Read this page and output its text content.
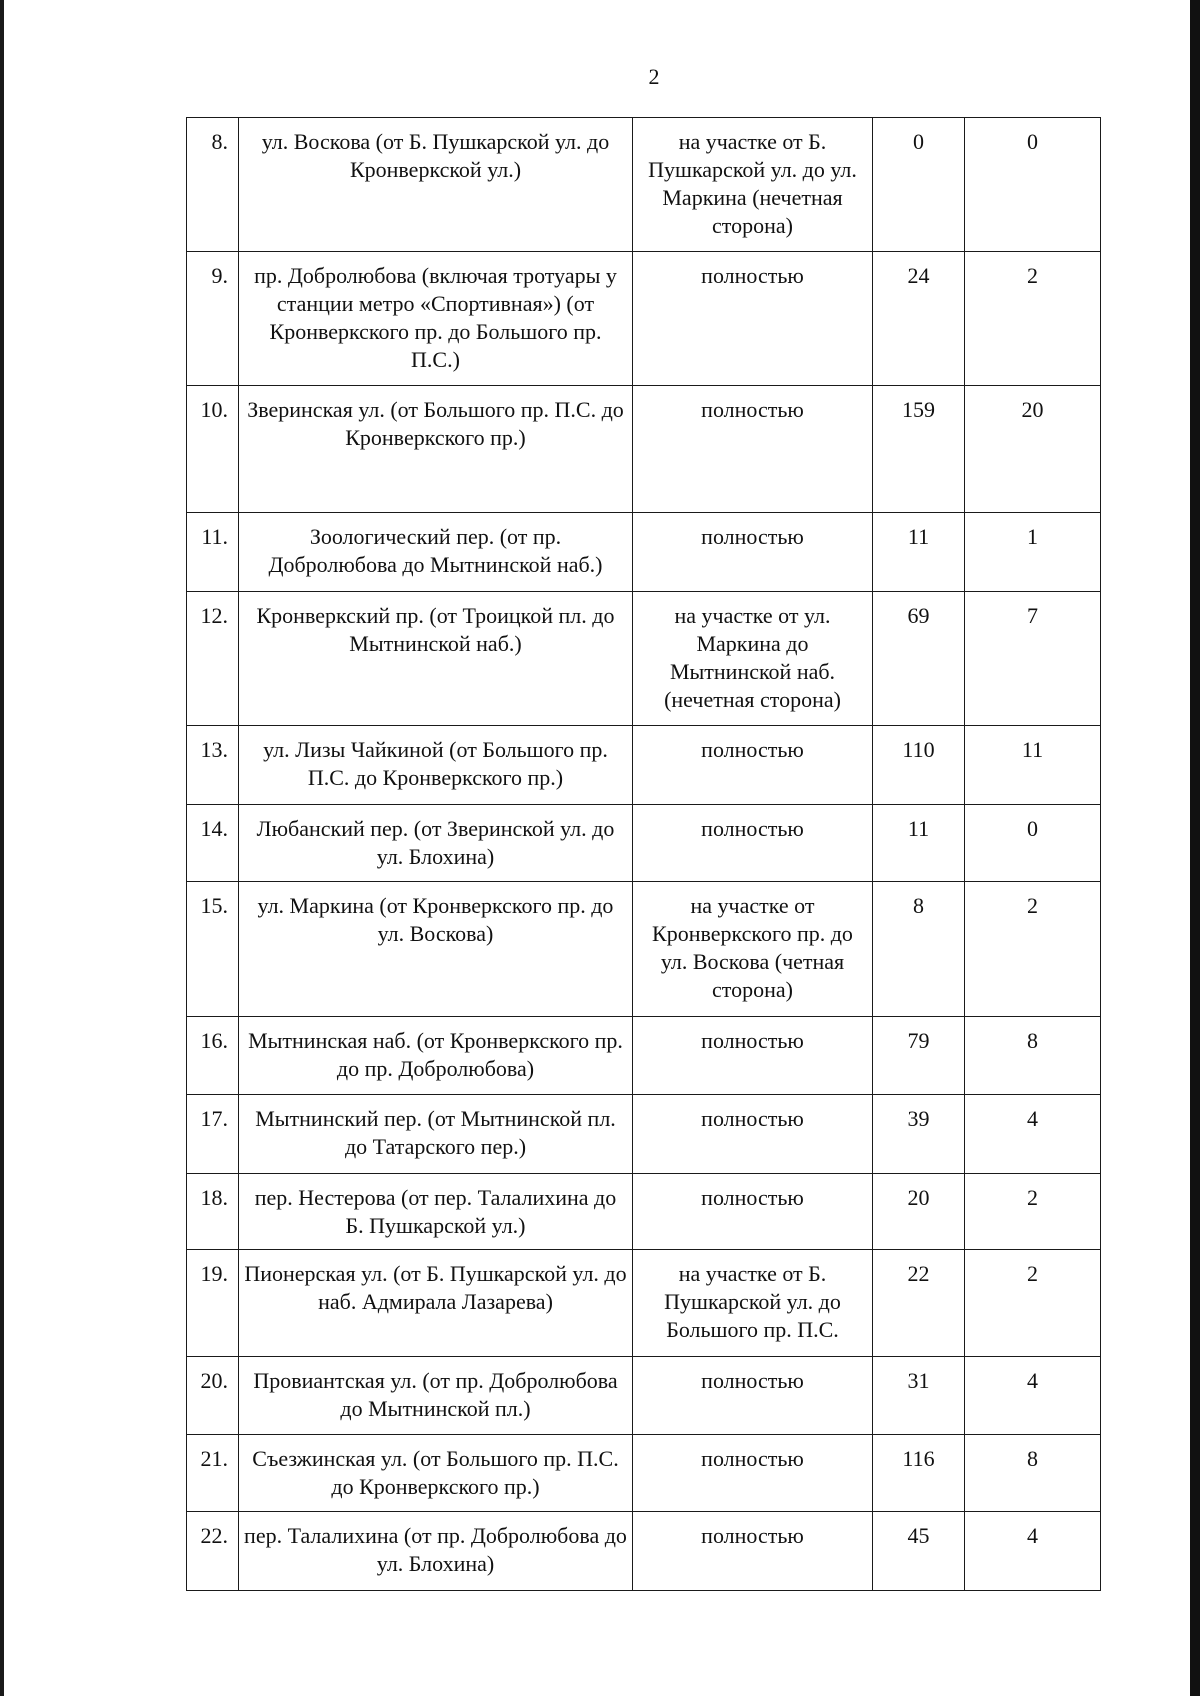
2
8.	ул. Воскова (от Б. Пушкарской ул. до Кронверкской ул.)	на участке от Б. Пушкарской ул. до ул. Маркина (нечетная сторона)	0	0
9.	пр. Добролюбова (включая тротуары у станции метро «Спортивная») (от Кронверкского пр. до Большого пр. П.С.)	полностью	24	2
10.	Зверинская ул. (от Большого пр. П.С. до Кронверкского пр.)	полностью	159	20
11.	Зоологический пер. (от пр. Добролюбова до Мытнинской наб.)	полностью	11	1
12.	Кронверкский пр. (от Троицкой пл. до Мытнинской наб.)	на участке от ул. Маркина до Мытнинской наб. (нечетная сторона)	69	7
13.	ул. Лизы Чайкиной (от Большого пр. П.С. до Кронверкского пр.)	полностью	110	11
14.	Любанский пер. (от Зверинской ул. до ул. Блохина)	полностью	11	0
15.	ул. Маркина (от Кронверкского пр. до ул. Воскова)	на участке от Кронверкского пр. до ул. Воскова (четная сторона)	8	2
16.	Мытнинская наб. (от Кронверкского пр. до пр. Добролюбова)	полностью	79	8
17.	Мытнинский пер. (от Мытнинской пл. до Татарского пер.)	полностью	39	4
18.	пер. Нестерова (от пер. Талалихина до Б. Пушкарской ул.)	полностью	20	2
19.	Пионерская ул. (от Б. Пушкарской ул. до наб. Адмирала Лазарева)	на участке от Б. Пушкарской ул. до Большого пр. П.С.	22	2
20.	Провиантская ул. (от пр. Добролюбова до Мытнинской пл.)	полностью	31	4
21.	Съезжинская ул. (от Большого пр. П.С. до Кронверкского пр.)	полностью	116	8
22.	пер. Талалихина (от пр. Добролюбова до ул. Блохина)	полностью	45	4
